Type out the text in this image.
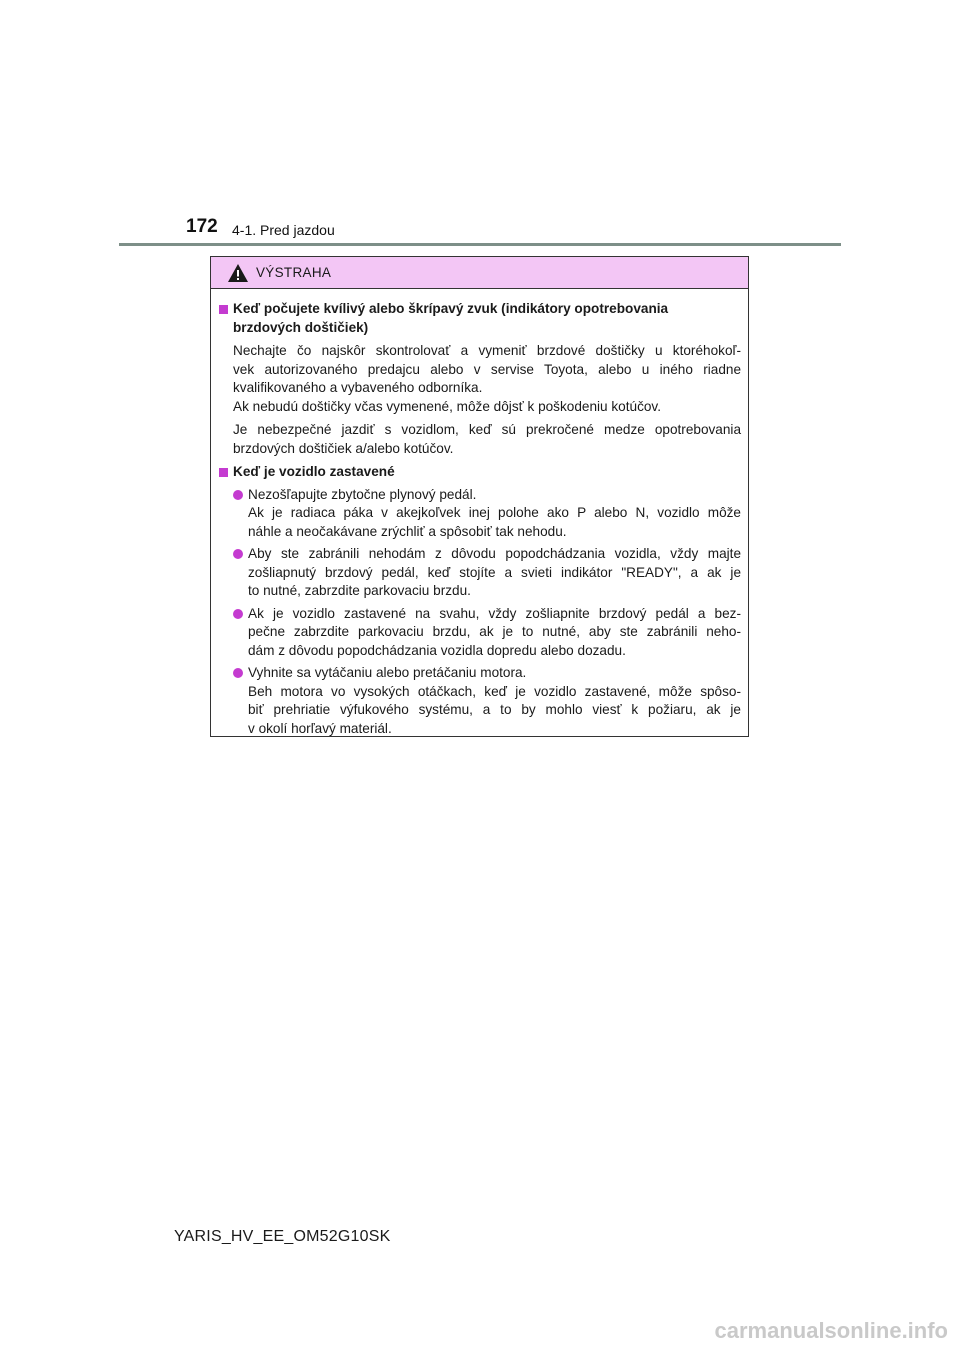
172 4-1. Pred jazdou
VÝSTRAHA
Keď počujete kvílivý alebo škrípavý zvuk (indikátory opotrebovania
brzdových doštičiek)
Nechajte čo najskôr skontrolovať a vymeniť brzdové doštičky u ktoréhokoľ-
vek autorizovaného predajcu alebo v servise Toyota, alebo u iného riadne
kvalifikovaného a vybaveného odborníka.
Ak nebudú doštičky včas vymenené, môže dôjsť k poškodeniu kotúčov.
Je nebezpečné jazdiť s vozidlom, keď sú prekročené medze opotrebovania
brzdových doštičiek a/alebo kotúčov.
Keď je vozidlo zastavené
Nezošľapujte zbytočne plynový pedál.
Ak je radiaca páka v akejkoľvek inej polohe ako P alebo N, vozidlo môže
náhle a neočakávane zrýchliť a spôsobiť tak nehodu.
Aby ste zabránili nehodám z dôvodu popodchádzania vozidla, vždy majte
zošliapnutý brzdový pedál, keď stojíte a svieti indikátor "READY", a ak je
to nutné, zabrzdite parkovaciu brzdu.
Ak je vozidlo zastavené na svahu, vždy zošliapnite brzdový pedál a bez-
pečne zabrzdite parkovaciu brzdu, ak je to nutné, aby ste zabránili neho-
dám z dôvodu popodchádzania vozidla dopredu alebo dozadu.
Vyhnite sa vytáčaniu alebo pretáčaniu motora.
Beh motora vo vysokých otáčkach, keď je vozidlo zastavené, môže spôso-
biť prehriatie výfukového systému, a to by mohlo viesť k požiaru, ak je
v okolí horľavý materiál.
YARIS_HV_EE_OM52G10SK
carmanualsonline.info
